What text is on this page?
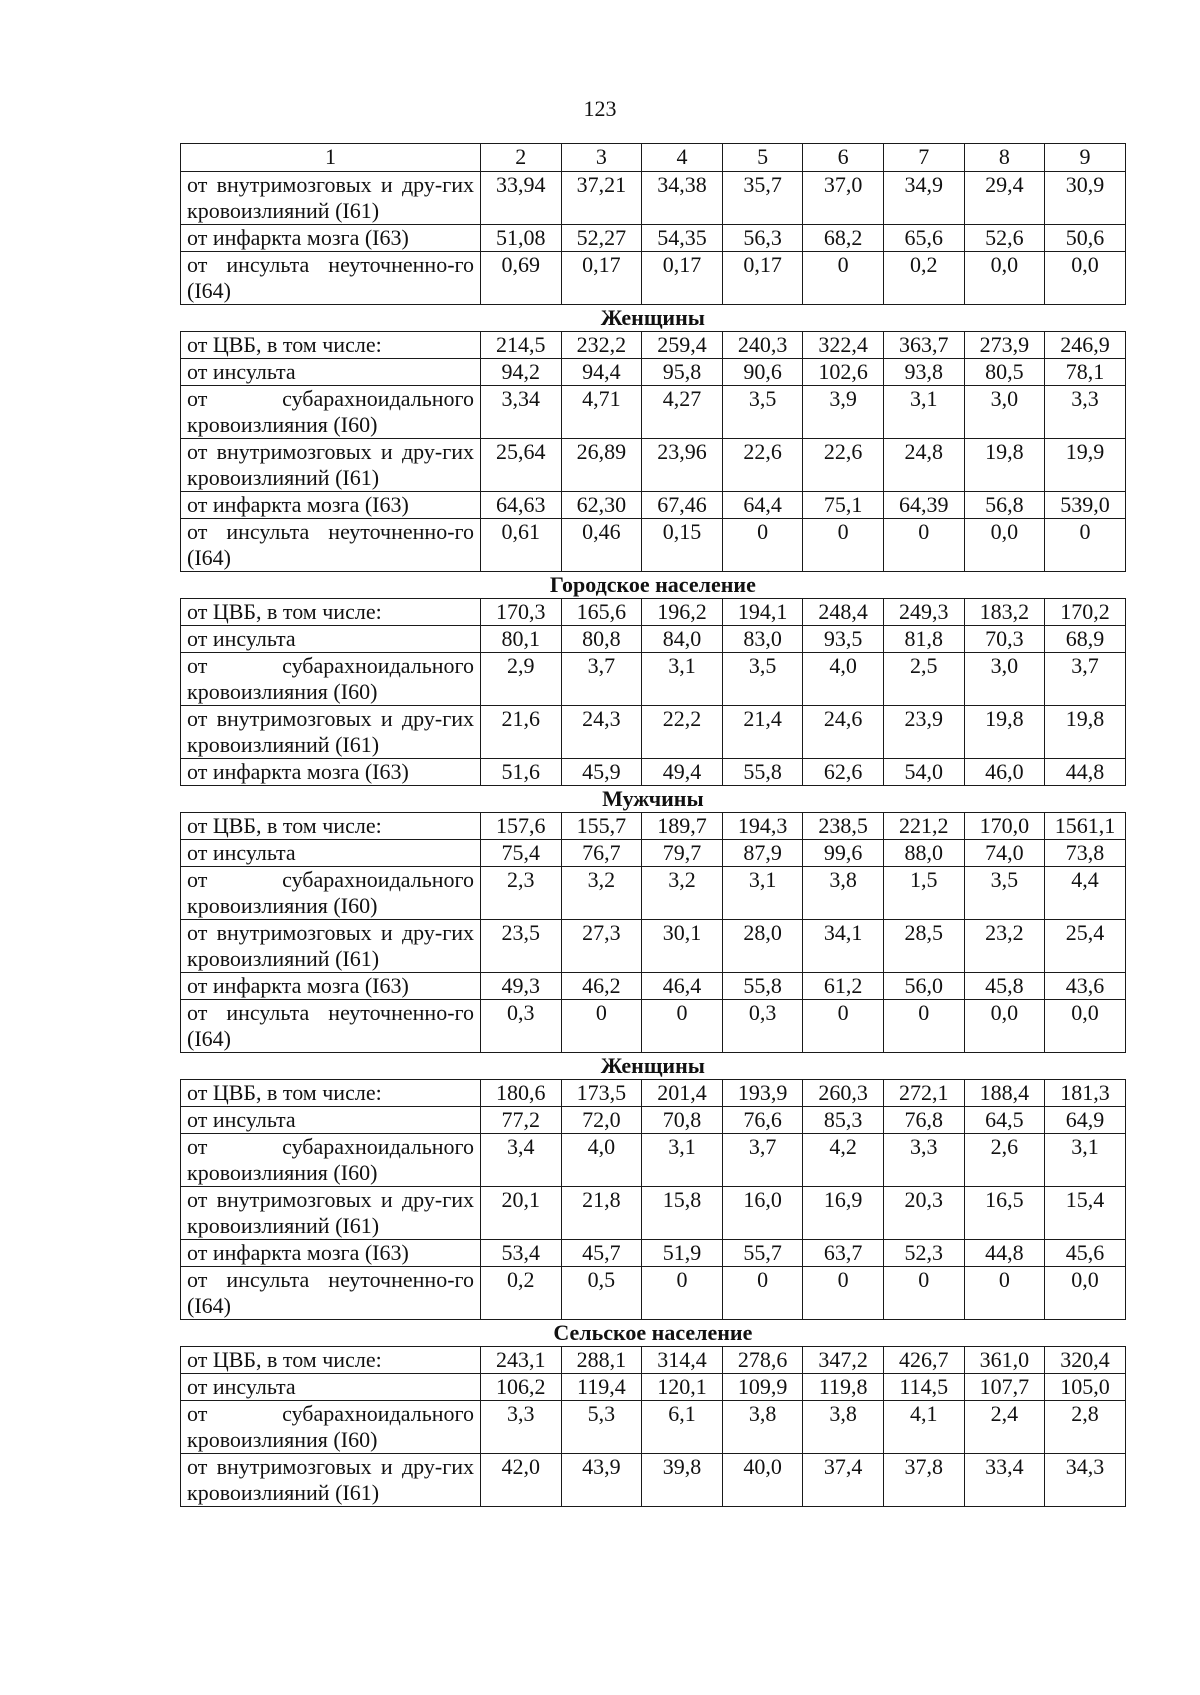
123
1	2	3	4	5	6	7	8	9
от внутримозговых и дру-гих кровоизлияний (I61)	33,94	37,21	34,38	35,7	37,0	34,9	29,4	30,9
от инфаркта мозга (I63)	51,08	52,27	54,35	56,3	68,2	65,6	52,6	50,6
от инсульта неуточненно-го (I64)	0,69	0,17	0,17	0,17	0	0,2	0,0	0,0
Женщины								
от ЦВБ, в том числе:	214,5	232,2	259,4	240,3	322,4	363,7	273,9	246,9
от инсульта	94,2	94,4	95,8	90,6	102,6	93,8	80,5	78,1
от субарахноидального кровоизлияния (I60)	3,34	4,71	4,27	3,5	3,9	3,1	3,0	3,3
от внутримозговых и дру-гих кровоизлияний (I61)	25,64	26,89	23,96	22,6	22,6	24,8	19,8	19,9
от инфаркта мозга (I63)	64,63	62,30	67,46	64,4	75,1	64,39	56,8	539,0
от инсульта неуточненно-го (I64)	0,61	0,46	0,15	0	0	0	0,0	0
Городское население								
от ЦВБ, в том числе:	170,3	165,6	196,2	194,1	248,4	249,3	183,2	170,2
от инсульта	80,1	80,8	84,0	83,0	93,5	81,8	70,3	68,9
от субарахноидального кровоизлияния (I60)	2,9	3,7	3,1	3,5	4,0	2,5	3,0	3,7
от внутримозговых и дру-гих кровоизлияний (I61)	21,6	24,3	22,2	21,4	24,6	23,9	19,8	19,8
от инфаркта мозга (I63)	51,6	45,9	49,4	55,8	62,6	54,0	46,0	44,8
Мужчины								
от ЦВБ, в том числе:	157,6	155,7	189,7	194,3	238,5	221,2	170,0	1561,1
от инсульта	75,4	76,7	79,7	87,9	99,6	88,0	74,0	73,8
от субарахноидального кровоизлияния (I60)	2,3	3,2	3,2	3,1	3,8	1,5	3,5	4,4
от внутримозговых и дру-гих кровоизлияний (I61)	23,5	27,3	30,1	28,0	34,1	28,5	23,2	25,4
от инфаркта мозга (I63)	49,3	46,2	46,4	55,8	61,2	56,0	45,8	43,6
от инсульта неуточненно-го (I64)	0,3	0	0	0,3	0	0	0,0	0,0
Женщины								
от ЦВБ, в том числе:	180,6	173,5	201,4	193,9	260,3	272,1	188,4	181,3
от инсульта	77,2	72,0	70,8	76,6	85,3	76,8	64,5	64,9
от субарахноидального кровоизлияния (I60)	3,4	4,0	3,1	3,7	4,2	3,3	2,6	3,1
от внутримозговых и дру-гих кровоизлияний (I61)	20,1	21,8	15,8	16,0	16,9	20,3	16,5	15,4
от инфаркта мозга (I63)	53,4	45,7	51,9	55,7	63,7	52,3	44,8	45,6
от инсульта неуточненно-го (I64)	0,2	0,5	0	0	0	0	0	0,0
Сельское население								
от ЦВБ, в том числе:	243,1	288,1	314,4	278,6	347,2	426,7	361,0	320,4
от инсульта	106,2	119,4	120,1	109,9	119,8	114,5	107,7	105,0
от субарахноидального кровоизлияния (I60)	3,3	5,3	6,1	3,8	3,8	4,1	2,4	2,8
от внутримозговых и дру-гих кровоизлияний (I61)	42,0	43,9	39,8	40,0	37,4	37,8	33,4	34,3
